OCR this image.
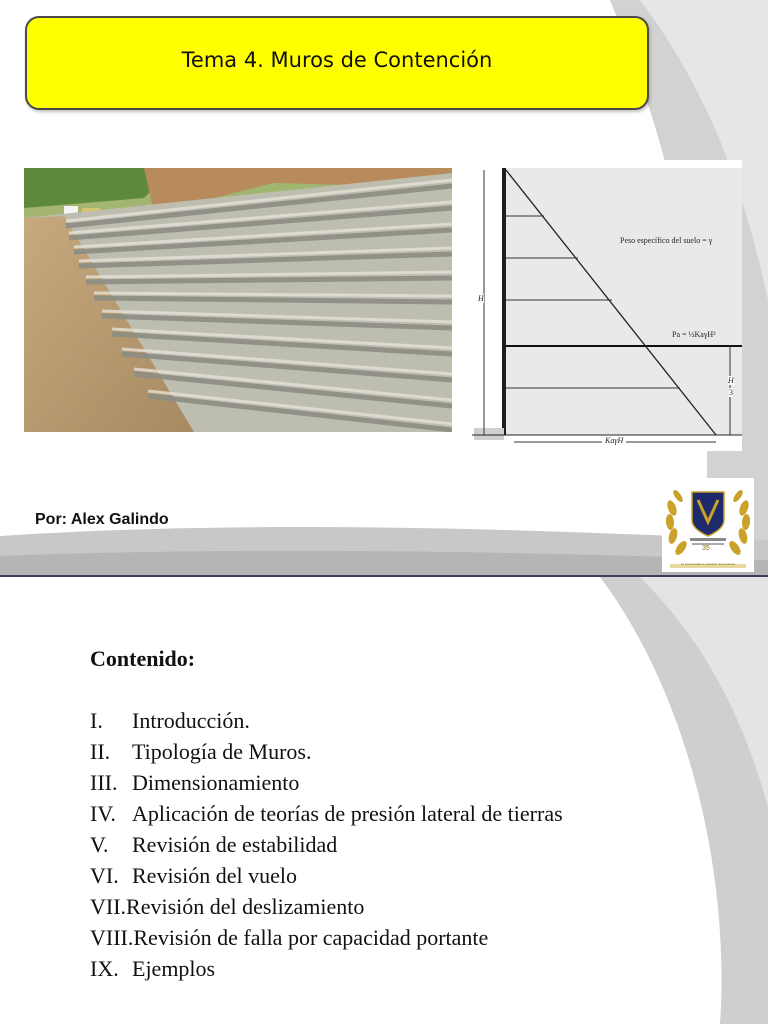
Tema 4. Muros de Contención
Peso específico del suelo = γ
Pa = ½KaγH²
H
H
3
KaγH
Por: Alex Galindo
35
La Universidad de prestigio de Honduras
Contenido:
I. Introducción.
II. Tipología de Muros.
III. Dimensionamiento
IV. Aplicación de teorías de presión lateral de tierras
V. Revisión de estabilidad
VI. Revisión del vuelo
VII.Revisión del deslizamiento
VIII.Revisión de falla por capacidad portante
IX. Ejemplos
